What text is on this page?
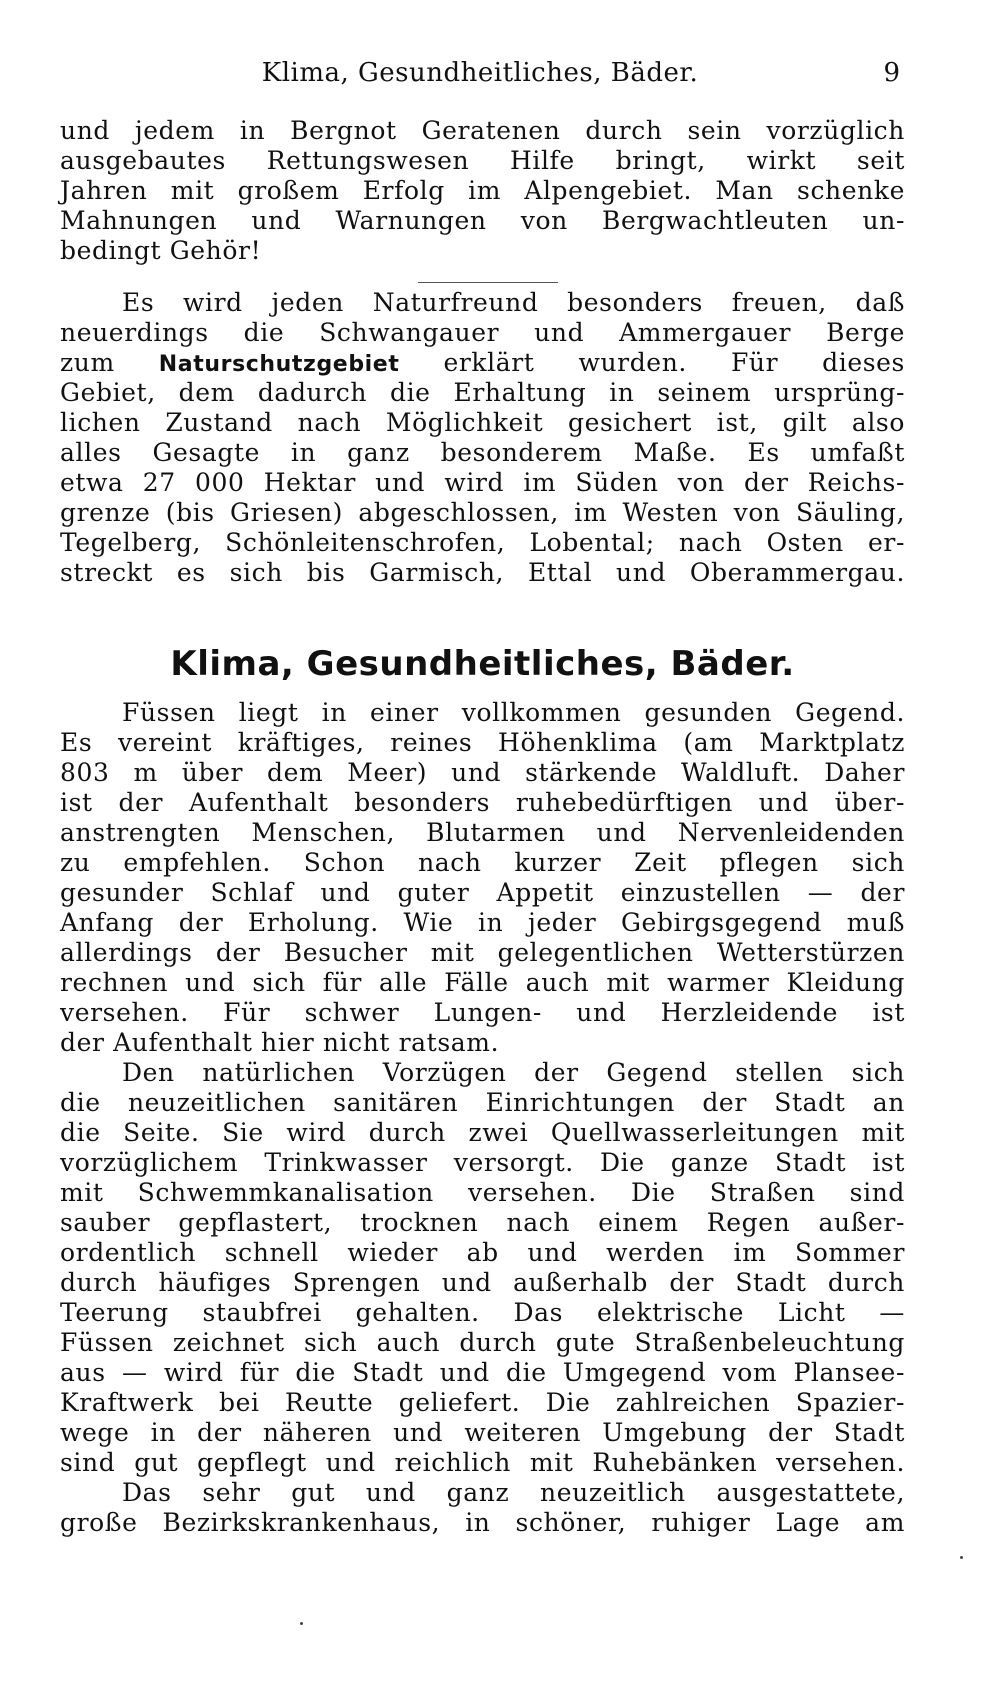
Klima, Gesundheitliches, Bäder.	9
und jedem in Bergnot Geratenen durch sein vorzüglich
ausgebautes Rettungswesen Hilfe bringt, wirkt seit
Jahren mit großem Erfolg im Alpengebiet. Man schenke
Mahnungen und Warnungen von Bergwachtleuten un-
bedingt Gehör!
Es wird jeden Naturfreund besonders freuen, daß
neuerdings die Schwangauer und Ammergauer Berge
zum Naturschutzgebiet erklärt wurden. Für dieses
Gebiet, dem dadurch die Erhaltung in seinem ursprüng-
lichen Zustand nach Möglichkeit gesichert ist, gilt also
alles Gesagte in ganz besonderem Maße. Es umfaßt
etwa 27 000 Hektar und wird im Süden von der Reichs-
grenze (bis Griesen) abgeschlossen, im Westen von Säuling,
Tegelberg, Schönleitenschrofen, Lobental; nach Osten er-
streckt es sich bis Garmisch, Ettal und Oberammergau.
Klima, Gesundheitliches, Bäder.
Füssen liegt in einer vollkommen gesunden Gegend.
Es vereint kräftiges, reines Höhenklima (am Marktplatz
803 m über dem Meer) und stärkende Waldluft. Daher
ist der Aufenthalt besonders ruhebedürftigen und über-
anstrengten Menschen, Blutarmen und Nervenleidenden
zu empfehlen. Schon nach kurzer Zeit pflegen sich
gesunder Schlaf und guter Appetit einzustellen — der
Anfang der Erholung. Wie in jeder Gebirgsgegend muß
allerdings der Besucher mit gelegentlichen Wetterstürzen
rechnen und sich für alle Fälle auch mit warmer Kleidung
versehen. Für schwer Lungen- und Herzleidende ist
der Aufenthalt hier nicht ratsam.
Den natürlichen Vorzügen der Gegend stellen sich
die neuzeitlichen sanitären Einrichtungen der Stadt an
die Seite. Sie wird durch zwei Quellwasserleitungen mit
vorzüglichem Trinkwasser versorgt. Die ganze Stadt ist
mit Schwemmkanalisation versehen. Die Straßen sind
sauber gepflastert, trocknen nach einem Regen außer-
ordentlich schnell wieder ab und werden im Sommer
durch häufiges Sprengen und außerhalb der Stadt durch
Teerung staubfrei gehalten. Das elektrische Licht —
Füssen zeichnet sich auch durch gute Straßenbeleuchtung
aus — wird für die Stadt und die Umgegend vom Plansee-
Kraftwerk bei Reutte geliefert. Die zahlreichen Spazier-
wege in der näheren und weiteren Umgebung der Stadt
sind gut gepflegt und reichlich mit Ruhebänken versehen.
Das sehr gut und ganz neuzeitlich ausgestattete,
große Bezirkskrankenhaus, in schöner, ruhiger Lage am
